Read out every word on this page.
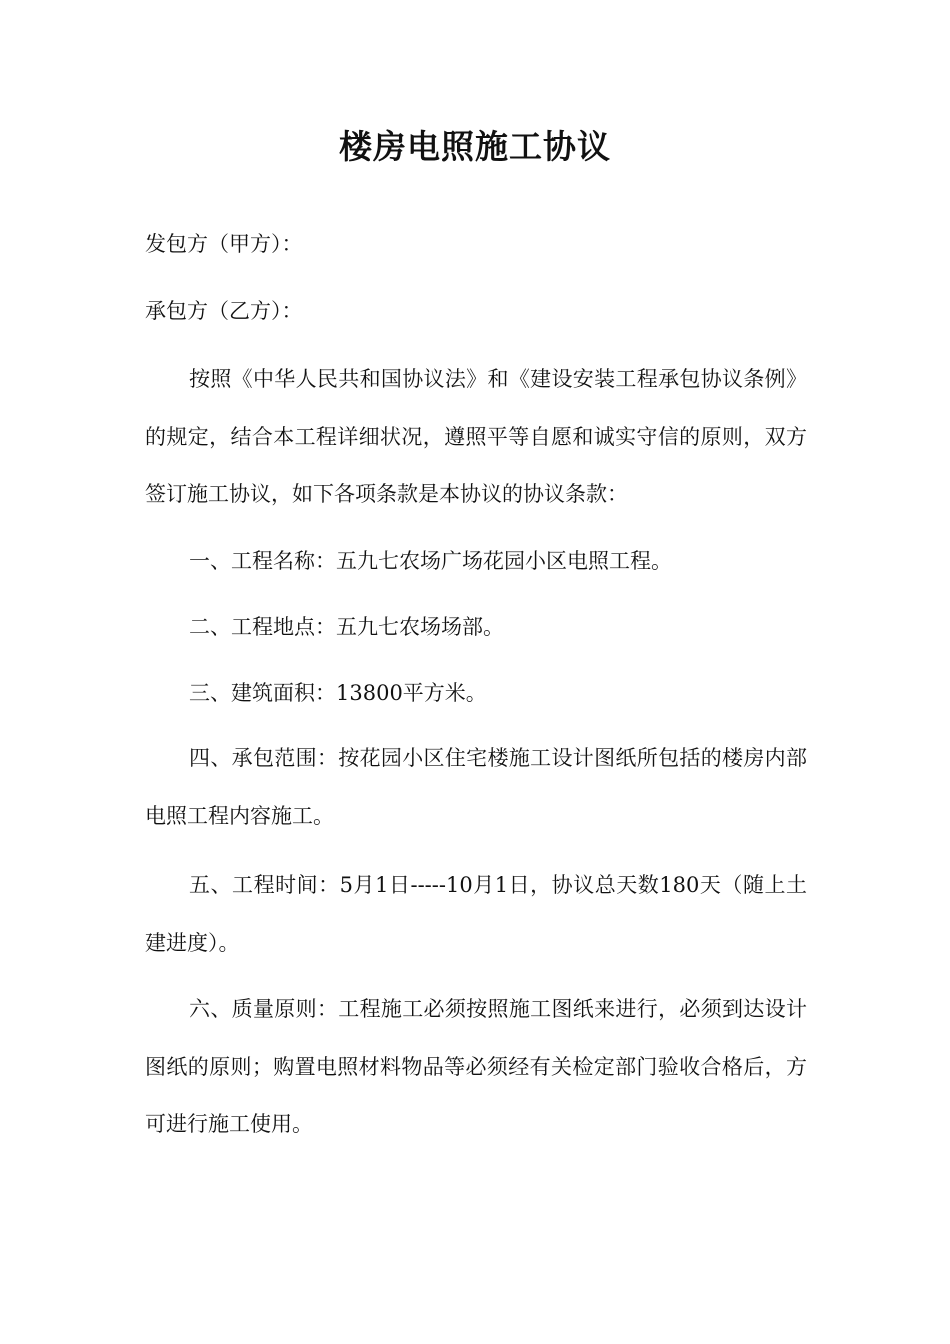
楼房电照施工协议
发包方（甲方）：
承包方（乙方）：

按照《中华人民共和国协议法》和《建设安装工程承包协议条例》的规定，结合本工程详细状况，遵照平等自愿和诚实守信的原则，双方签订施工协议，如下各项条款是本协议的协议条款：

一、工程名称：五九七农场广场花园小区电照工程。

二、工程地点：五九七农场场部。

三、建筑面积：13800平方米。

四、承包范围：按花园小区住宅楼施工设计图纸所包括的楼房内部电照工程内容施工。

五、工程时间：5月1日-----10月1日，协议总天数180天（随上土建进度）。

六、质量原则：工程施工必须按照施工图纸来进行，必须到达设计图纸的原则；购置电照材料物品等必须经有关检定部门验收合格后，方可进行施工使用。
